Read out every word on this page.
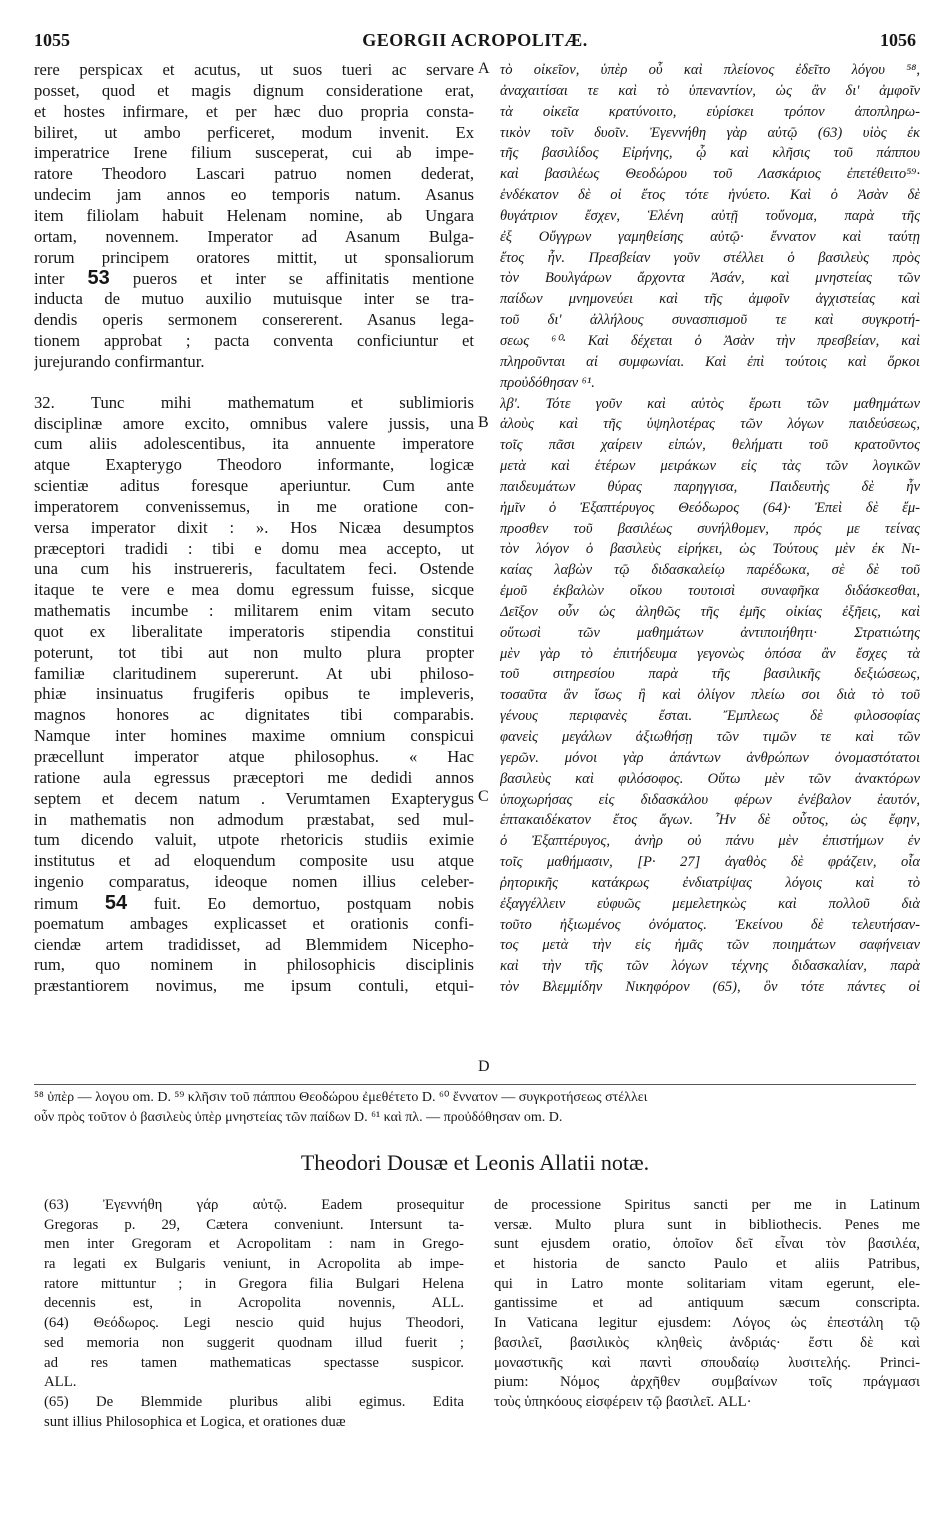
1055	GEORGII ACROPOLITÆ.	1056
A
B
C
D
rere perspicax et acutus, ut suos tueri ac servare
posset, quod et magis dignum consideratione erat,
et hostes infirmare, et per hæc duo propria consta-
biliret, ut ambo perficeret, modum invenit. Ex
imperatrice Irene filium susceperat, cui ab impe-
ratore Theodoro Lascari patruo nomen dederat,
undecim jam annos eo temporis natum. Asanus
item filiolam habuit Helenam nomine, ab Ungara
ortam, novennem. Imperator ad Asanum Bulga-
rorum principem oratores mittit, ut sponsaliorum
inter 53 pueros et inter se affinitatis mentione
inducta de mutuo auxilio mutuisque inter se tra-
dendis operis sermonem consererent. Asanus lega-
tionem approbat ; pacta conventa conficiuntur et
jurejurando confirmantur.
32. Tunc mihi mathematum et sublimioris
disciplinæ amore excito, omnibus valere jussis, una
cum aliis adolescentibus, ita annuente imperatore
atque Exapterygo Theodoro informante, logicæ
scientiæ aditus foresque aperiuntur. Cum ante
imperatorem convenissemus, in me oratione con-
versa imperator dixit : ». Hos Nicæa desumptos
præceptori tradidi : tibi e domu mea accepto, ut
una cum his instruereris, facultatem feci. Ostende
itaque te vere e mea domu egressum fuisse, sicque
mathematis incumbe : militarem enim vitam secuto
quot ex liberalitate imperatoris stipendia constitui
poterunt, tot tibi aut non multo plura propter
familiæ claritudinem supererunt. At ubi philoso-
phiæ insinuatus frugiferis opibus te impleveris,
magnos honores ac dignitates tibi comparabis.
Namque inter homines maxime omnium conspicui
præcellunt imperator atque philosophus. « Hac
ratione aula egressus præceptori me dedidi annos
septem et decem natum . Verumtamen Exapterygus
in mathematis non admodum præstabat, sed mul-
tum dicendo valuit, utpote rhetoricis studiis eximie
institutus et ad eloquendum composite usu atque
ingenio comparatus, ideoque nomen illius celeber-
rimum 54 fuit. Eo demortuo, postquam nobis
poematum ambages explicasset et orationis confi-
ciendæ artem tradidisset, ad Blemmidem Nicepho-
rum, quo nominem in philosophicis disciplinis
præstantiorem novimus, me ipsum contuli, etqui-
τὸ οἰκεῖον, ὑπὲρ οὗ καὶ πλείονος ἐδεῖτο λόγου ⁵⁸,
ἀναχαιτίσαι τε καὶ τὸ ὑπεναντίον, ὡς ἂν δι' ἀμφοῖν
τὰ οἰκεῖα κρατύνοιτο, εὑρίσκει τρόπον ἀποπληρω-
τικὸν τοῖν δυοῖν. Ἐγεννήθη γὰρ αὐτῷ (63) υἱὸς ἐκ
τῆς βασιλίδος Εἰρήνης, ᾧ καὶ κλῆσις τοῦ πάππου
καὶ βασιλέως Θεοδώρου τοῦ Λασκάριος ἐπετέθειτο⁵⁹·
ἑνδέκατον δὲ οἱ ἔτος τότε ἠνύετο. Καὶ ὁ Ἀσὰν δὲ
θυγάτριον ἔσχεν, Ἑλένη αὐτῇ τοὔνομα, παρὰ τῆς
ἐξ Οὔγγρων γαμηθείσης αὐτῷ· ἔννατον καὶ ταύτῃ
ἔτος ἦν. Πρεσβείαν γοῦν στέλλει ὁ βασιλεὺς πρὸς
τὸν Βουλγάρων ἄρχοντα Ἀσάν, καὶ μνηστείας τῶν
παίδων μνημονεύει καὶ τῆς ἀμφοῖν ἀγχιστείας καὶ
τοῦ δι' ἀλλήλους συνασπισμοῦ τε καὶ συγκροτή-
σεως ⁶⁰· Καὶ δέχεται ὁ Ἀσὰν τὴν πρεσβείαν, καὶ
πληροῦνται αἱ συμφωνίαι. Καὶ ἐπὶ τούτοις καὶ ὅρκοι
προὐδόθησαν ⁶¹.
λβʹ. Τότε γοῦν καὶ αὐτὸς ἔρωτι τῶν μαθημάτων
ἁλοὺς καὶ τῆς ὑψηλοτέρας τῶν λόγων παιδεύσεως,
τοῖς πᾶσι χαίρειν εἰπών, θελήματι τοῦ κρατοῦντος
μετὰ καὶ ἑτέρων μειράκων εἰς τὰς τῶν λογικῶν
παιδευμάτων θύρας παρηγγισα, Παιδευτὴς δὲ ἦν
ἡμῖν ὁ Ἐξαπτέρυγος Θεόδωρος (64)· Ἐπεὶ δὲ ἔμ-
προσθεν τοῦ βασιλέως συνήλθομεν, πρός με τείνας
τὸν λόγον ὁ βασιλεὺς εἰρήκει, ὡς Τούτους μὲν ἐκ Νι-
καίας λαβὼν τῷ διδασκαλείῳ παρέδωκα, σὲ δὲ τοῦ
ἐμοῦ ἐκβαλὼν οἴκου τουτοισὶ συναφῆκα διδάσκεσθαι,
Δεῖξον οὖν ὡς ἀληθῶς τῆς ἐμῆς οἰκίας ἐξῆεις, καὶ
οὕτωσὶ τῶν μαθημάτων ἀντιποιήθητι· Στρατιώτης
μὲν γὰρ τὸ ἐπιτήδευμα γεγονὼς ὁπόσα ἂν ἔσχες τὰ
τοῦ σιτηρεσίου παρὰ τῆς βασιλικῆς δεξιώσεως,
τοσαῦτα ἂν ἴσως ἢ καὶ ὀλίγον πλείω σοι διὰ τὸ τοῦ
γένους περιφανὲς ἔσται. Ἔμπλεως δὲ φιλοσοφίας
φανεὶς μεγάλων ἀξιωθήσῃ τῶν τιμῶν τε καὶ τῶν
γερῶν. μόνοι γὰρ ἁπάντων ἀνθρώπων ὀνομαστότατοι
βασιλεὺς καὶ φιλόσοφος. Οὕτω μὲν τῶν ἀνακτόρων
ὑποχωρήσας εἰς διδασκάλου φέρων ἐνέβαλον ἑαυτόν,
ἑπτακαιδέκατον ἔτος ἄγων. Ἦν δὲ οὗτος, ὡς ἔφην,
ὁ Ἐξαπτέρυγος, ἀνὴρ οὐ πάνυ μὲν ἐπιστήμων ἐν
τοῖς μαθήμασιν, [P· 27] ἀγαθὸς δὲ φράζειν, οἷα
ῥητορικῆς κατάκρως ἐνδιατρίψας λόγοις καὶ τὸ
ἐξαγγέλλειν εὐφυῶς μεμελετηκὼς καὶ πολλοῦ διὰ
τοῦτο ἠξιωμένος ὀνόματος. Ἐκείνου δὲ τελευτήσαν-
τος μετὰ τὴν εἰς ἡμᾶς τῶν ποιημάτων σαφήνειαν
καὶ τὴν τῆς τῶν λόγων τέχνης διδασκαλίαν, παρὰ
τὸν Βλεμμίδην Νικηφόρον (65), ὃν τότε πάντες οἱ
⁵⁸ ὑπὲρ — λογου om. D. ⁵⁹ κλῆσιν τοῦ πάππου Θεοδώρου ἐμεθέτετο D. ⁶⁰ ἔννατον — συγκροτήσεως στέλλει
οὖν πρὸς τοῦτον ὁ βασιλεὺς ὑπὲρ μνηστείας τῶν παίδων D. ⁶¹ καὶ πλ. — προὐδόθησαν om. D.
Theodori Dousæ et Leonis Allatii notæ.
(63) Ἐγεννήθη γάρ αὐτῷ. Eadem prosequitur
Gregoras p. 29, Cætera conveniunt. Intersunt ta-
men inter Gregoram et Acropolitam : nam in Grego-
ra legati ex Bulgaris veniunt, in Acropolita ab impe-
ratore mittuntur ; in Gregora filia Bulgari Helena
decennis est, in Acropolita novennis, ALL.
(64) Θεόδωρος. Legi nescio quid hujus Theodori,
sed memoria non suggerit quodnam illud fuerit ;
ad res tamen mathematicas spectasse suspicor.
ALL.
(65) De Blemmide pluribus alibi egimus. Edita
sunt illius Philosophica et Logica, et orationes duæ
de processione Spiritus sancti per me in Latinum
versæ. Multo plura sunt in bibliothecis. Penes me
sunt ejusdem oratio, ὁποῖον δεῖ εἶναι τὸν βασιλέα,
et historia de sancto Paulo et aliis Patribus,
qui in Latro monte solitariam vitam egerunt, ele-
gantissime et ad antiquum sæcum conscripta.
In Vaticana legitur ejusdem: Λόγος ὡς ἐπεστάλη τῷ
βασιλεῖ, βασιλικὸς κληθεὶς ἀνδριάς· ἔστι δὲ καὶ
μοναστικῆς καὶ παντὶ σπουδαίῳ λυσιτελής. Princi-
pium: Νόμος ἀρχῆθεν συμβαίνων τοῖς πράγμασι
τοὺς ὑπηκόους εἰσφέρειν τῷ βασιλεῖ. ALL·
